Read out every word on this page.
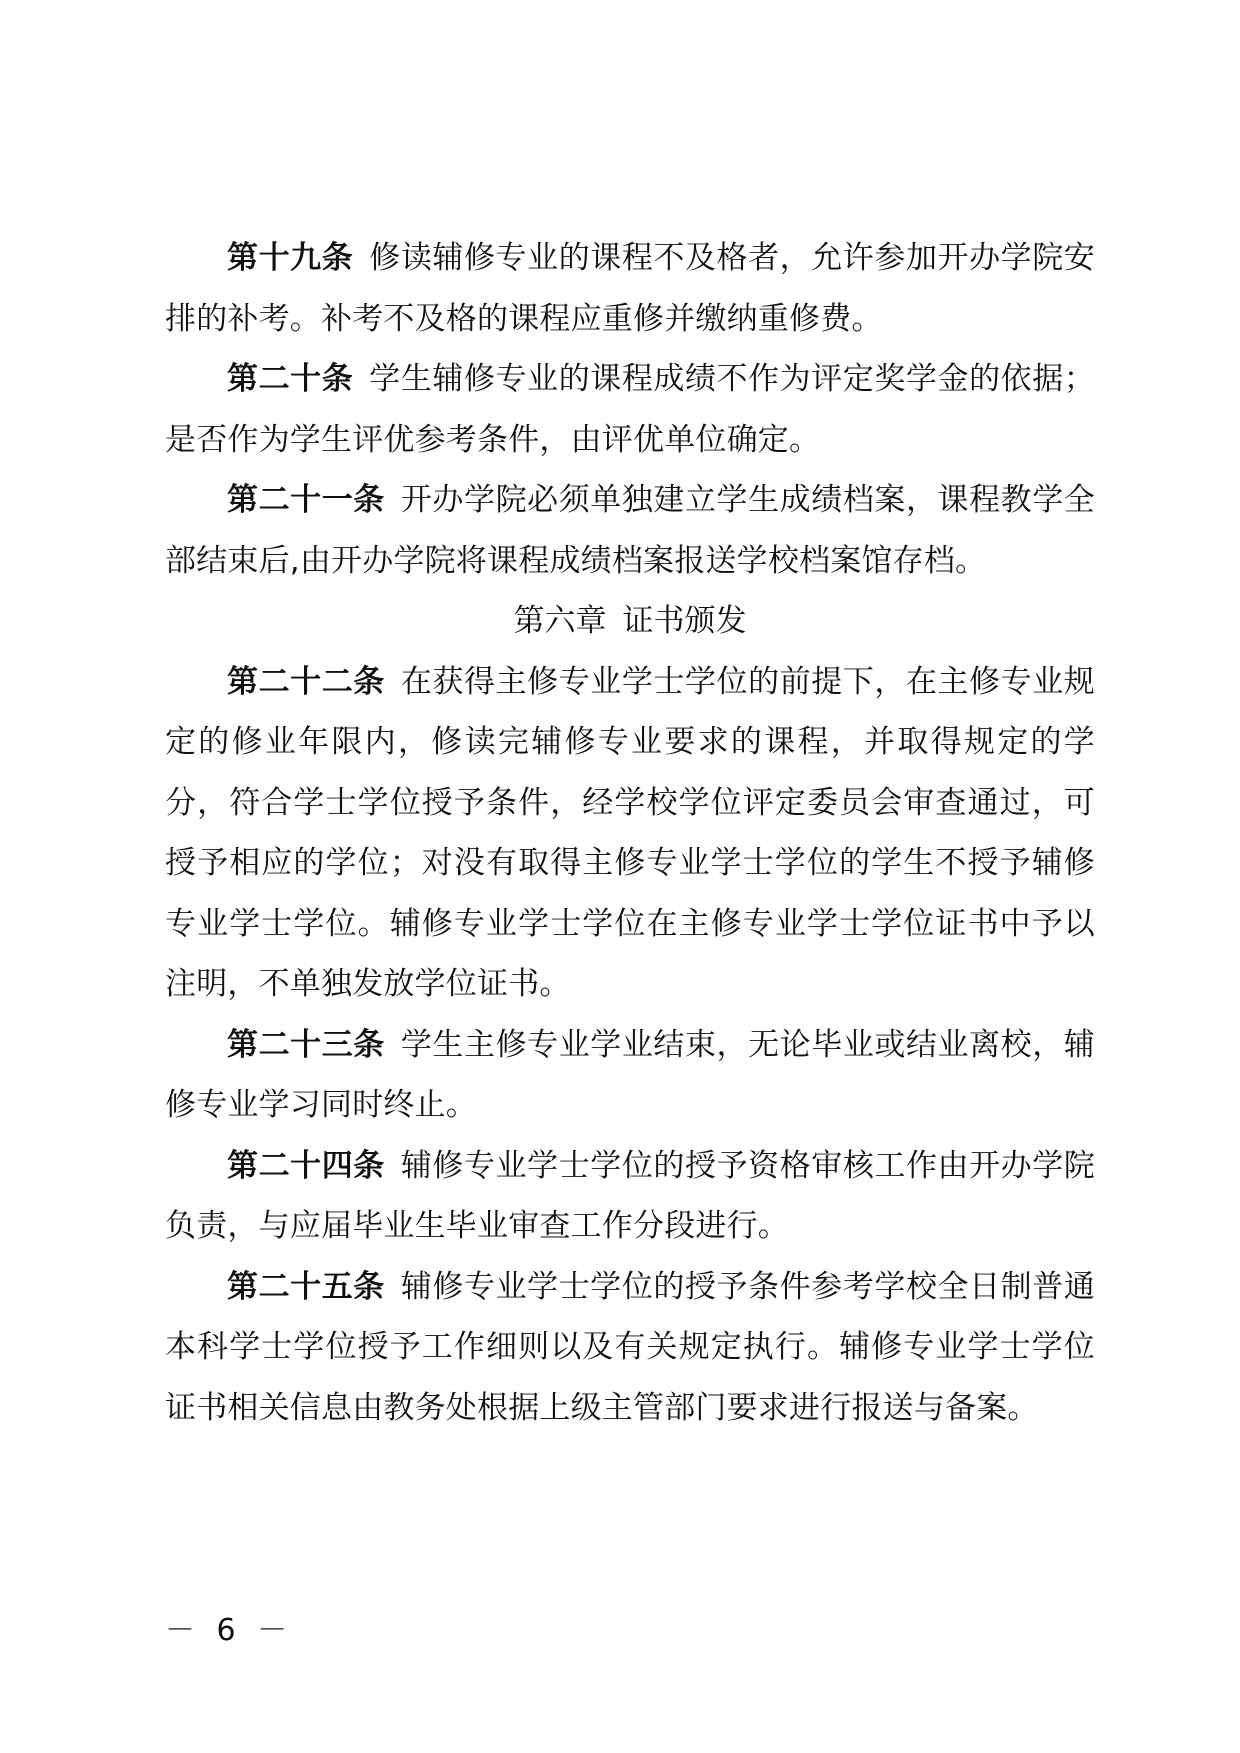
第十九条 修读辅修专业的课程不及格者，允许参加开办学院安排的补考。补考不及格的课程应重修并缴纳重修费。

第二十条 学生辅修专业的课程成绩不作为评定奖学金的依据；是否作为学生评优参考条件，由评优单位确定。

第二十一条 开办学院必须单独建立学生成绩档案，课程教学全部结束后,由开办学院将课程成绩档案报送学校档案馆存档。

第六章 证书颁发

第二十二条 在获得主修专业学士学位的前提下，在主修专业规定的修业年限内，修读完辅修专业要求的课程，并取得规定的学分，符合学士学位授予条件，经学校学位评定委员会审查通过，可授予相应的学位；对没有取得主修专业学士学位的学生不授予辅修专业学士学位。辅修专业学士学位在主修专业学士学位证书中予以注明，不单独发放学位证书。

第二十三条 学生主修专业学业结束，无论毕业或结业离校，辅修专业学习同时终止。

第二十四条 辅修专业学士学位的授予资格审核工作由开办学院负责，与应届毕业生毕业审查工作分段进行。

第二十五条 辅修专业学士学位的授予条件参考学校全日制普通本科学士学位授予工作细则以及有关规定执行。辅修专业学士学位证书相关信息由教务处根据上级主管部门要求进行报送与备案。

－ 6 －
